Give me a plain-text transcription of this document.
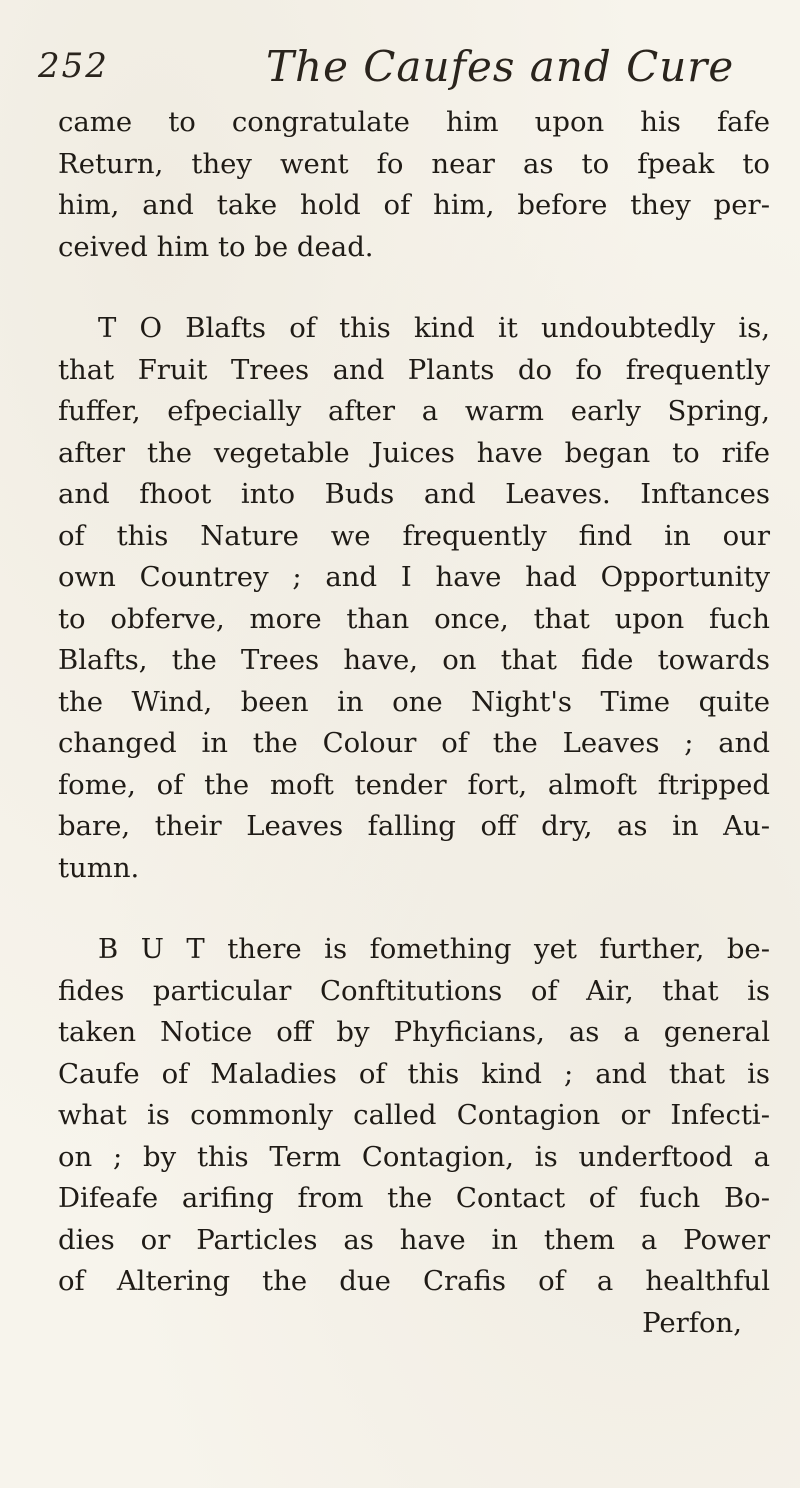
252	The Caufes and Cure
came to congratulate him upon his fafe
Return, they went fo near as to fpeak to
him, and take hold of him, before they per-
ceived him to be dead.
T O Blafts of this kind it undoubtedly is,
that Fruit Trees and Plants do fo frequently
fuffer, efpecially after a warm early Spring,
after the vegetable Juices have began to rife
and fhoot into Buds and Leaves. Inftances
of this Nature we frequently find in our
own Countrey ; and I have had Opportunity
to obferve, more than once, that upon fuch
Blafts, the Trees have, on that fide towards
the Wind, been in one Night's Time quite
changed in the Colour of the Leaves ; and
fome, of the moft tender fort, almoft ftripped
bare, their Leaves falling off dry, as in Au-
tumn.
B U T there is fomething yet further, be-
fides particular Conftitutions of Air, that is
taken Notice off by Phyficians, as a general
Caufe of Maladies of this kind ; and that is
what is commonly called Contagion or Infecti-
on ; by this Term Contagion, is underftood a
Difeafe arifing from the Contact of fuch Bo-
dies or Particles as have in them a Power
of Altering the due Crafis of a healthful
Perfon,
